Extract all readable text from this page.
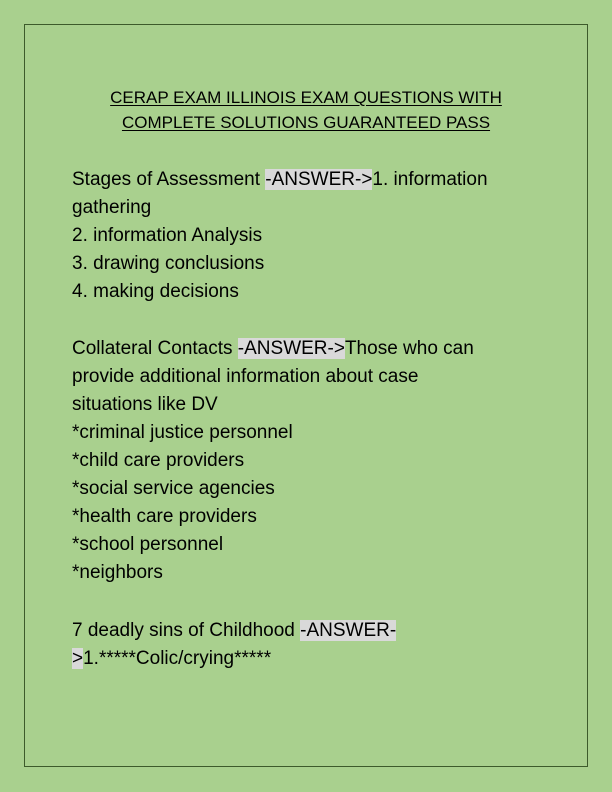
CERAP EXAM ILLINOIS EXAM QUESTIONS WITH
COMPLETE SOLUTIONS GUARANTEED PASS
Stages of Assessment -ANSWER->1. information
gathering
2. information Analysis
3. drawing conclusions
4. making decisions
Collateral Contacts -ANSWER->Those who can
provide additional information about case
situations like DV
*criminal justice personnel
*child care providers
*social service agencies
*health care providers
*school personnel
*neighbors
7 deadly sins of Childhood -ANSWER-
>1.*****Colic/crying*****
